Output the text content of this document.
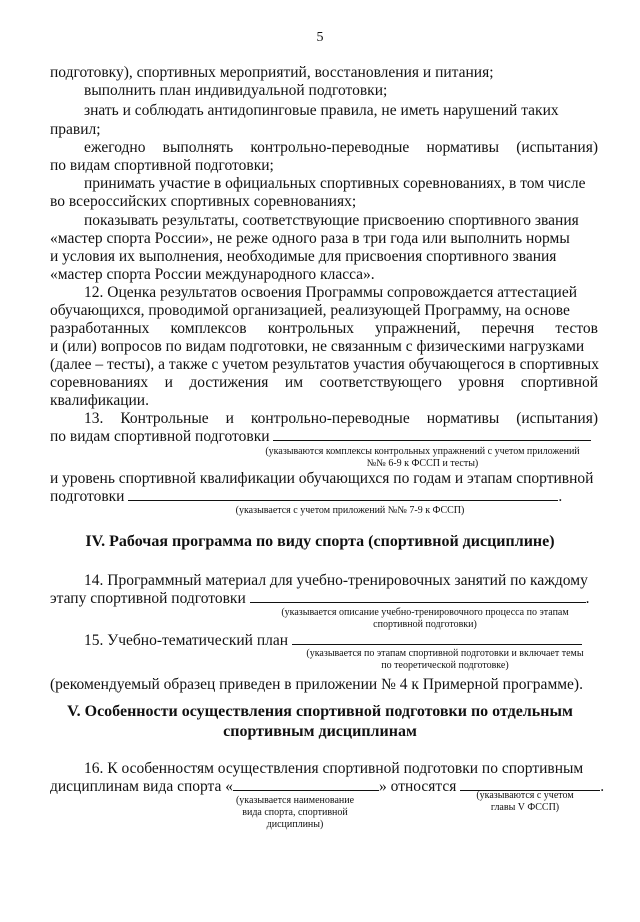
5
подготовку), спортивных мероприятий, восстановления и питания;
выполнить план индивидуальной подготовки;
знать и соблюдать антидопинговые правила, не иметь нарушений таких
правил;
ежегодно выполнять контрольно-переводные нормативы (испытания)
по видам спортивной подготовки;
принимать участие в официальных спортивных соревнованиях, в том числе
во всероссийских спортивных соревнованиях;
показывать результаты, соответствующие присвоению спортивного звания
«мастер спорта России», не реже одного раза в три года или выполнить нормы
и условия их выполнения, необходимые для присвоения спортивного звания
«мастер спорта России международного класса».
12. Оценка результатов освоения Программы сопровождается аттестацией
обучающихся, проводимой организацией, реализующей Программу, на основе
разработанных комплексов контрольных упражнений, перечня тестов
и (или) вопросов по видам подготовки, не связанным с физическими нагрузками
(далее – тесты), а также с учетом результатов участия обучающегося в спортивных
соревнованиях и достижения им соответствующего уровня спортивной
квалификации.
13. Контрольные и контрольно-переводные нормативы (испытания)
по видам спортивной подготовки
(указываются комплексы контрольных упражнений с учетом приложений
№№ 6-9 к ФССП и тесты)
и уровень спортивной квалификации обучающихся по годам и этапам спортивной
подготовки	.
(указывается с учетом приложений №№ 7-9 к ФССП)
IV. Рабочая программа по виду спорта (спортивной дисциплине)
14. Программный материал для учебно-тренировочных занятий по каждому
этапу спортивной подготовки	.
(указывается описание учебно-тренировочного процесса по этапам
спортивной подготовки)
15. Учебно-тематический план
(указывается по этапам спортивной подготовки и включает темы
по теоретической подготовке)
(рекомендуемый образец приведен в приложении № 4 к Примерной программе).
V. Особенности осуществления спортивной подготовки по отдельным
спортивным дисциплинам
16. К особенностям осуществления спортивной подготовки по спортивным
дисциплинам вида спорта «	» относятся	.
(указывается наименование
вида спорта, спортивной
дисциплины)
(указываются с учетом
главы V ФССП)
